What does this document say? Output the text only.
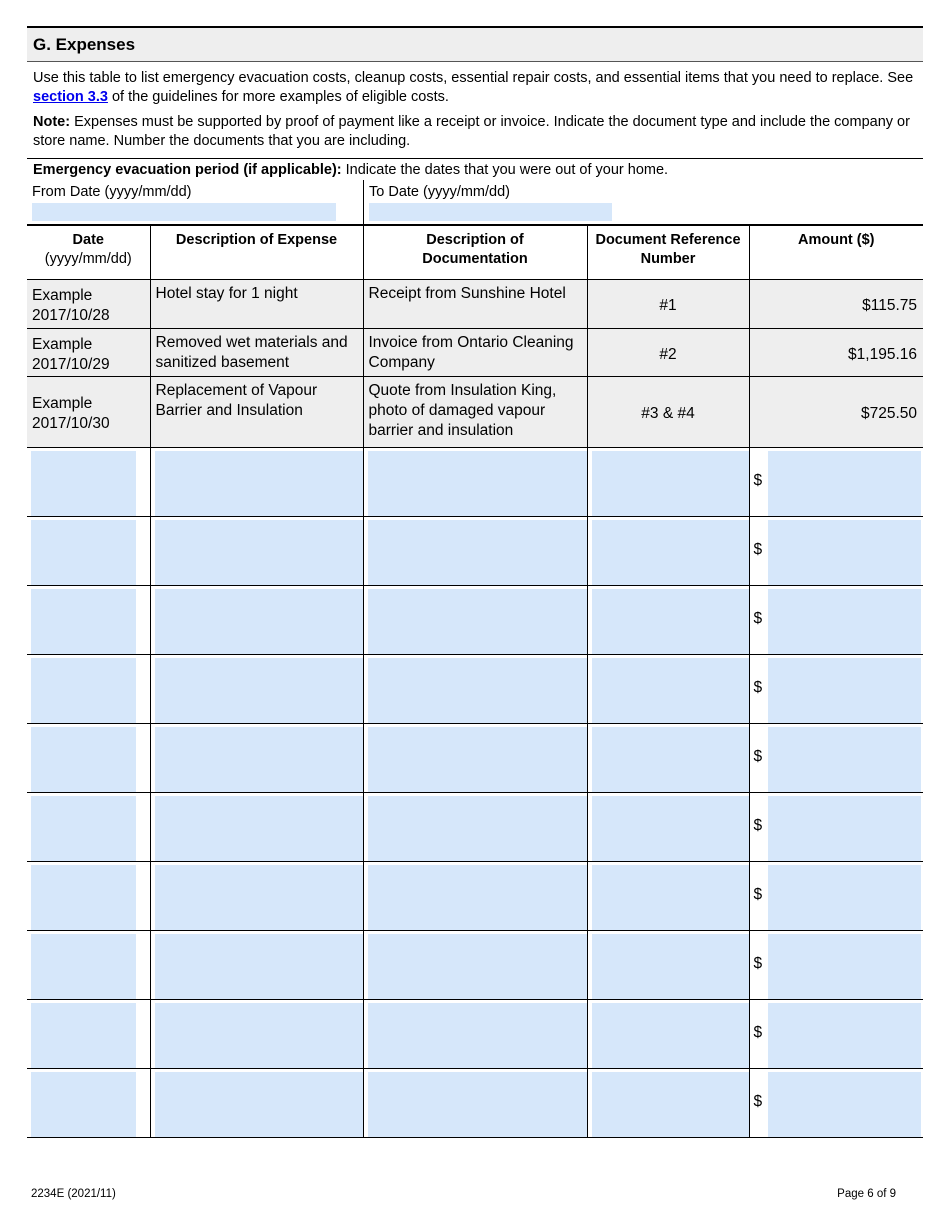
G. Expenses

Use this table to list emergency evacuation costs, cleanup costs, essential repair costs, and essential items that you need to replace. See section 3.3 of the guidelines for more examples of eligible costs.

Note: Expenses must be supported by proof of payment like a receipt or invoice. Indicate the document type and include the company or store name. Number the documents that you are including.

Emergency evacuation period (if applicable): Indicate the dates that you were out of your home.
From Date (yyyy/mm/dd)	To Date (yyyy/mm/dd)
Date
(yyyy/mm/dd)	Description of Expense	Description of Documentation	Document Reference Number	Amount ($)
Example
2017/10/28	Hotel stay for 1 night	Receipt from Sunshine Hotel	#1	$115.75
Example
2017/10/29	Removed wet materials and sanitized basement	Invoice from Ontario Cleaning Company	#2	$1,195.16
Example
2017/10/30	Replacement of Vapour Barrier and Insulation	Quote from Insulation King, photo of damaged vapour barrier and insulation	#3 & #4	$725.50

				$

				$

				$

				$

				$

				$

				$

				$

				$

				$
2234E (2021/11)	Page 6 of 9
